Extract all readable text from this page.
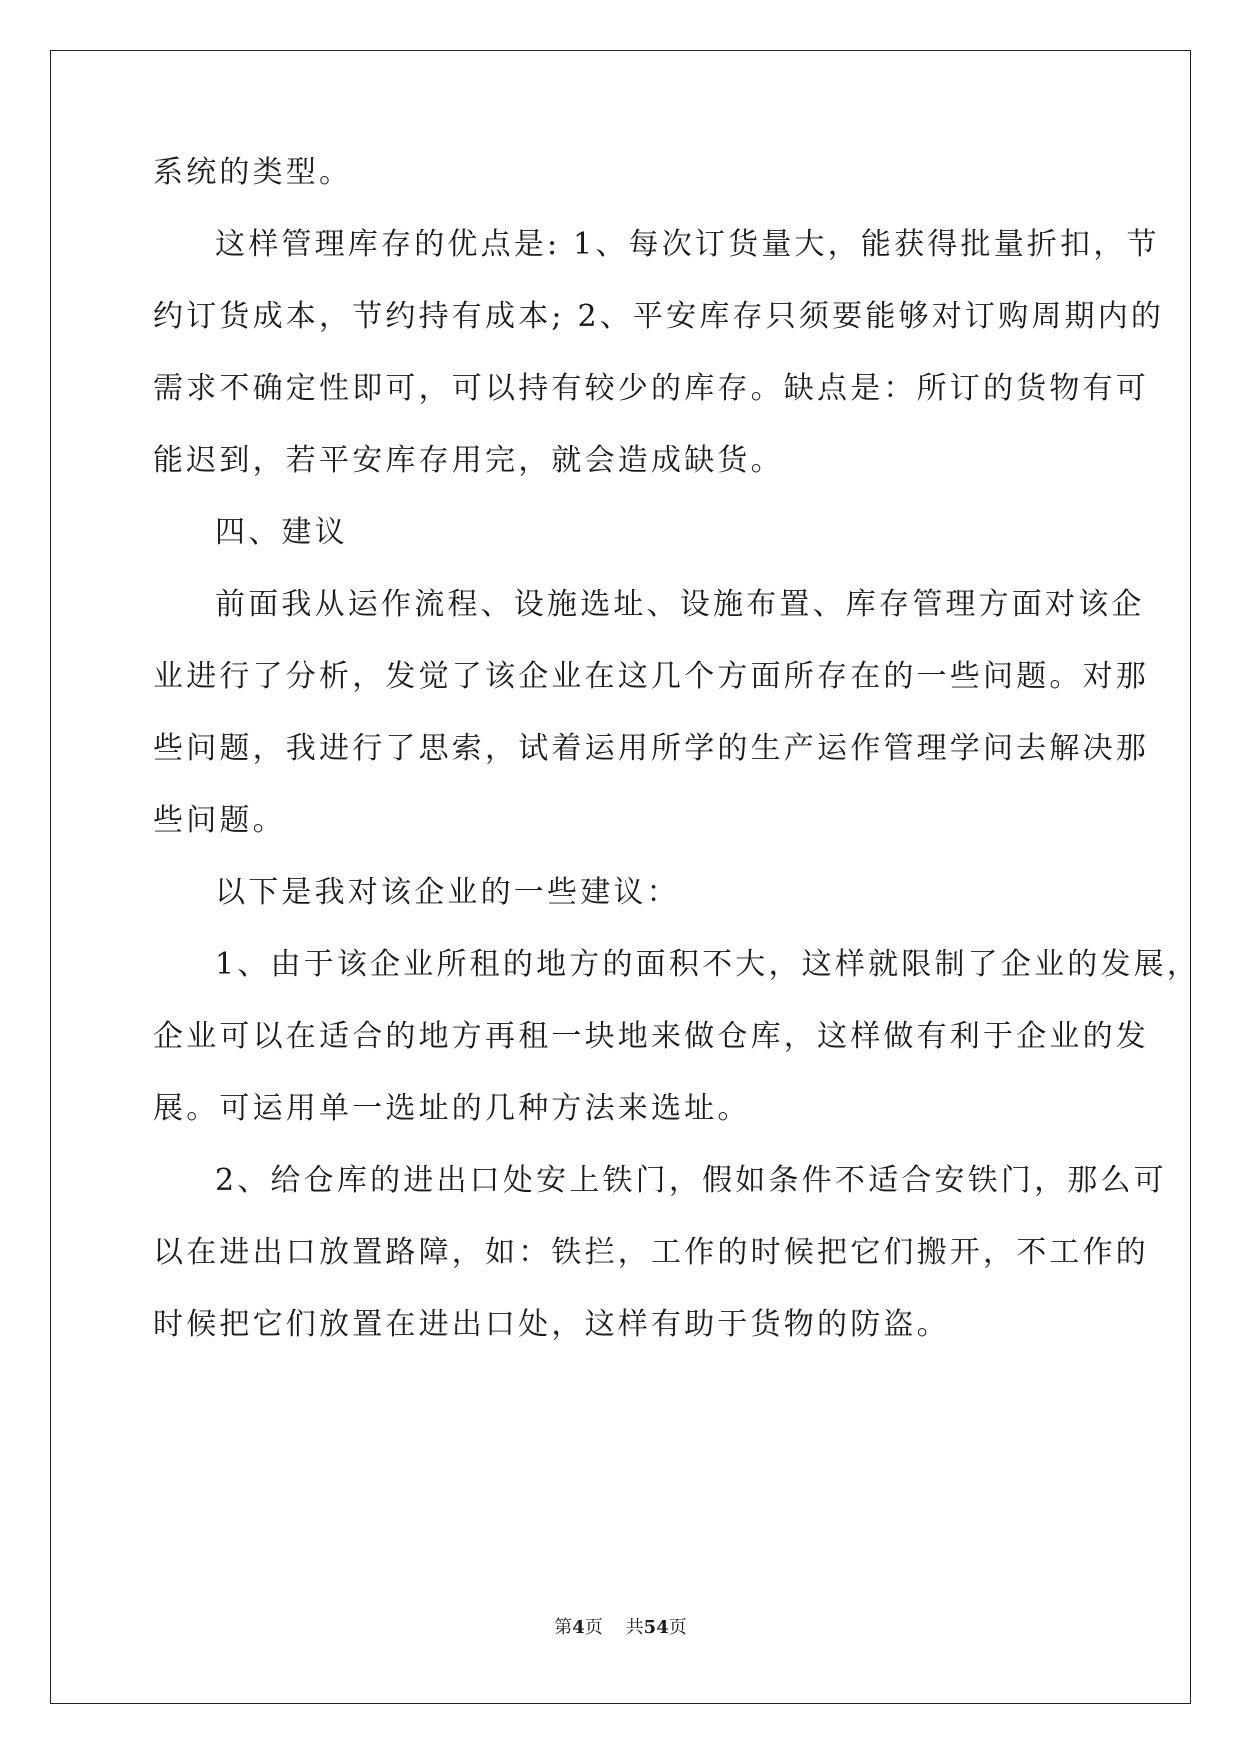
系统的类型。
这样管理库存的优点是: 1、每次订货量大，能获得批量折扣，节
约订货成本，节约持有成本; 2、平安库存只须要能够对订购周期内的
需求不确定性即可，可以持有较少的库存。缺点是：所订的货物有可
能迟到，若平安库存用完，就会造成缺货。
四、建议
前面我从运作流程、设施选址、设施布置、库存管理方面对该企
业进行了分析，发觉了该企业在这几个方面所存在的一些问题。对那
些问题，我进行了思索，试着运用所学的生产运作管理学问去解决那
些问题。
以下是我对该企业的一些建议：
1、由于该企业所租的地方的面积不大，这样就限制了企业的发展，
企业可以在适合的地方再租一块地来做仓库，这样做有利于企业的发
展。可运用单一选址的几种方法来选址。
2、给仓库的进出口处安上铁门，假如条件不适合安铁门，那么可
以在进出口放置路障，如：铁拦，工作的时候把它们搬开，不工作的
时候把它们放置在进出口处，这样有助于货物的防盗。
第4页    共54页
